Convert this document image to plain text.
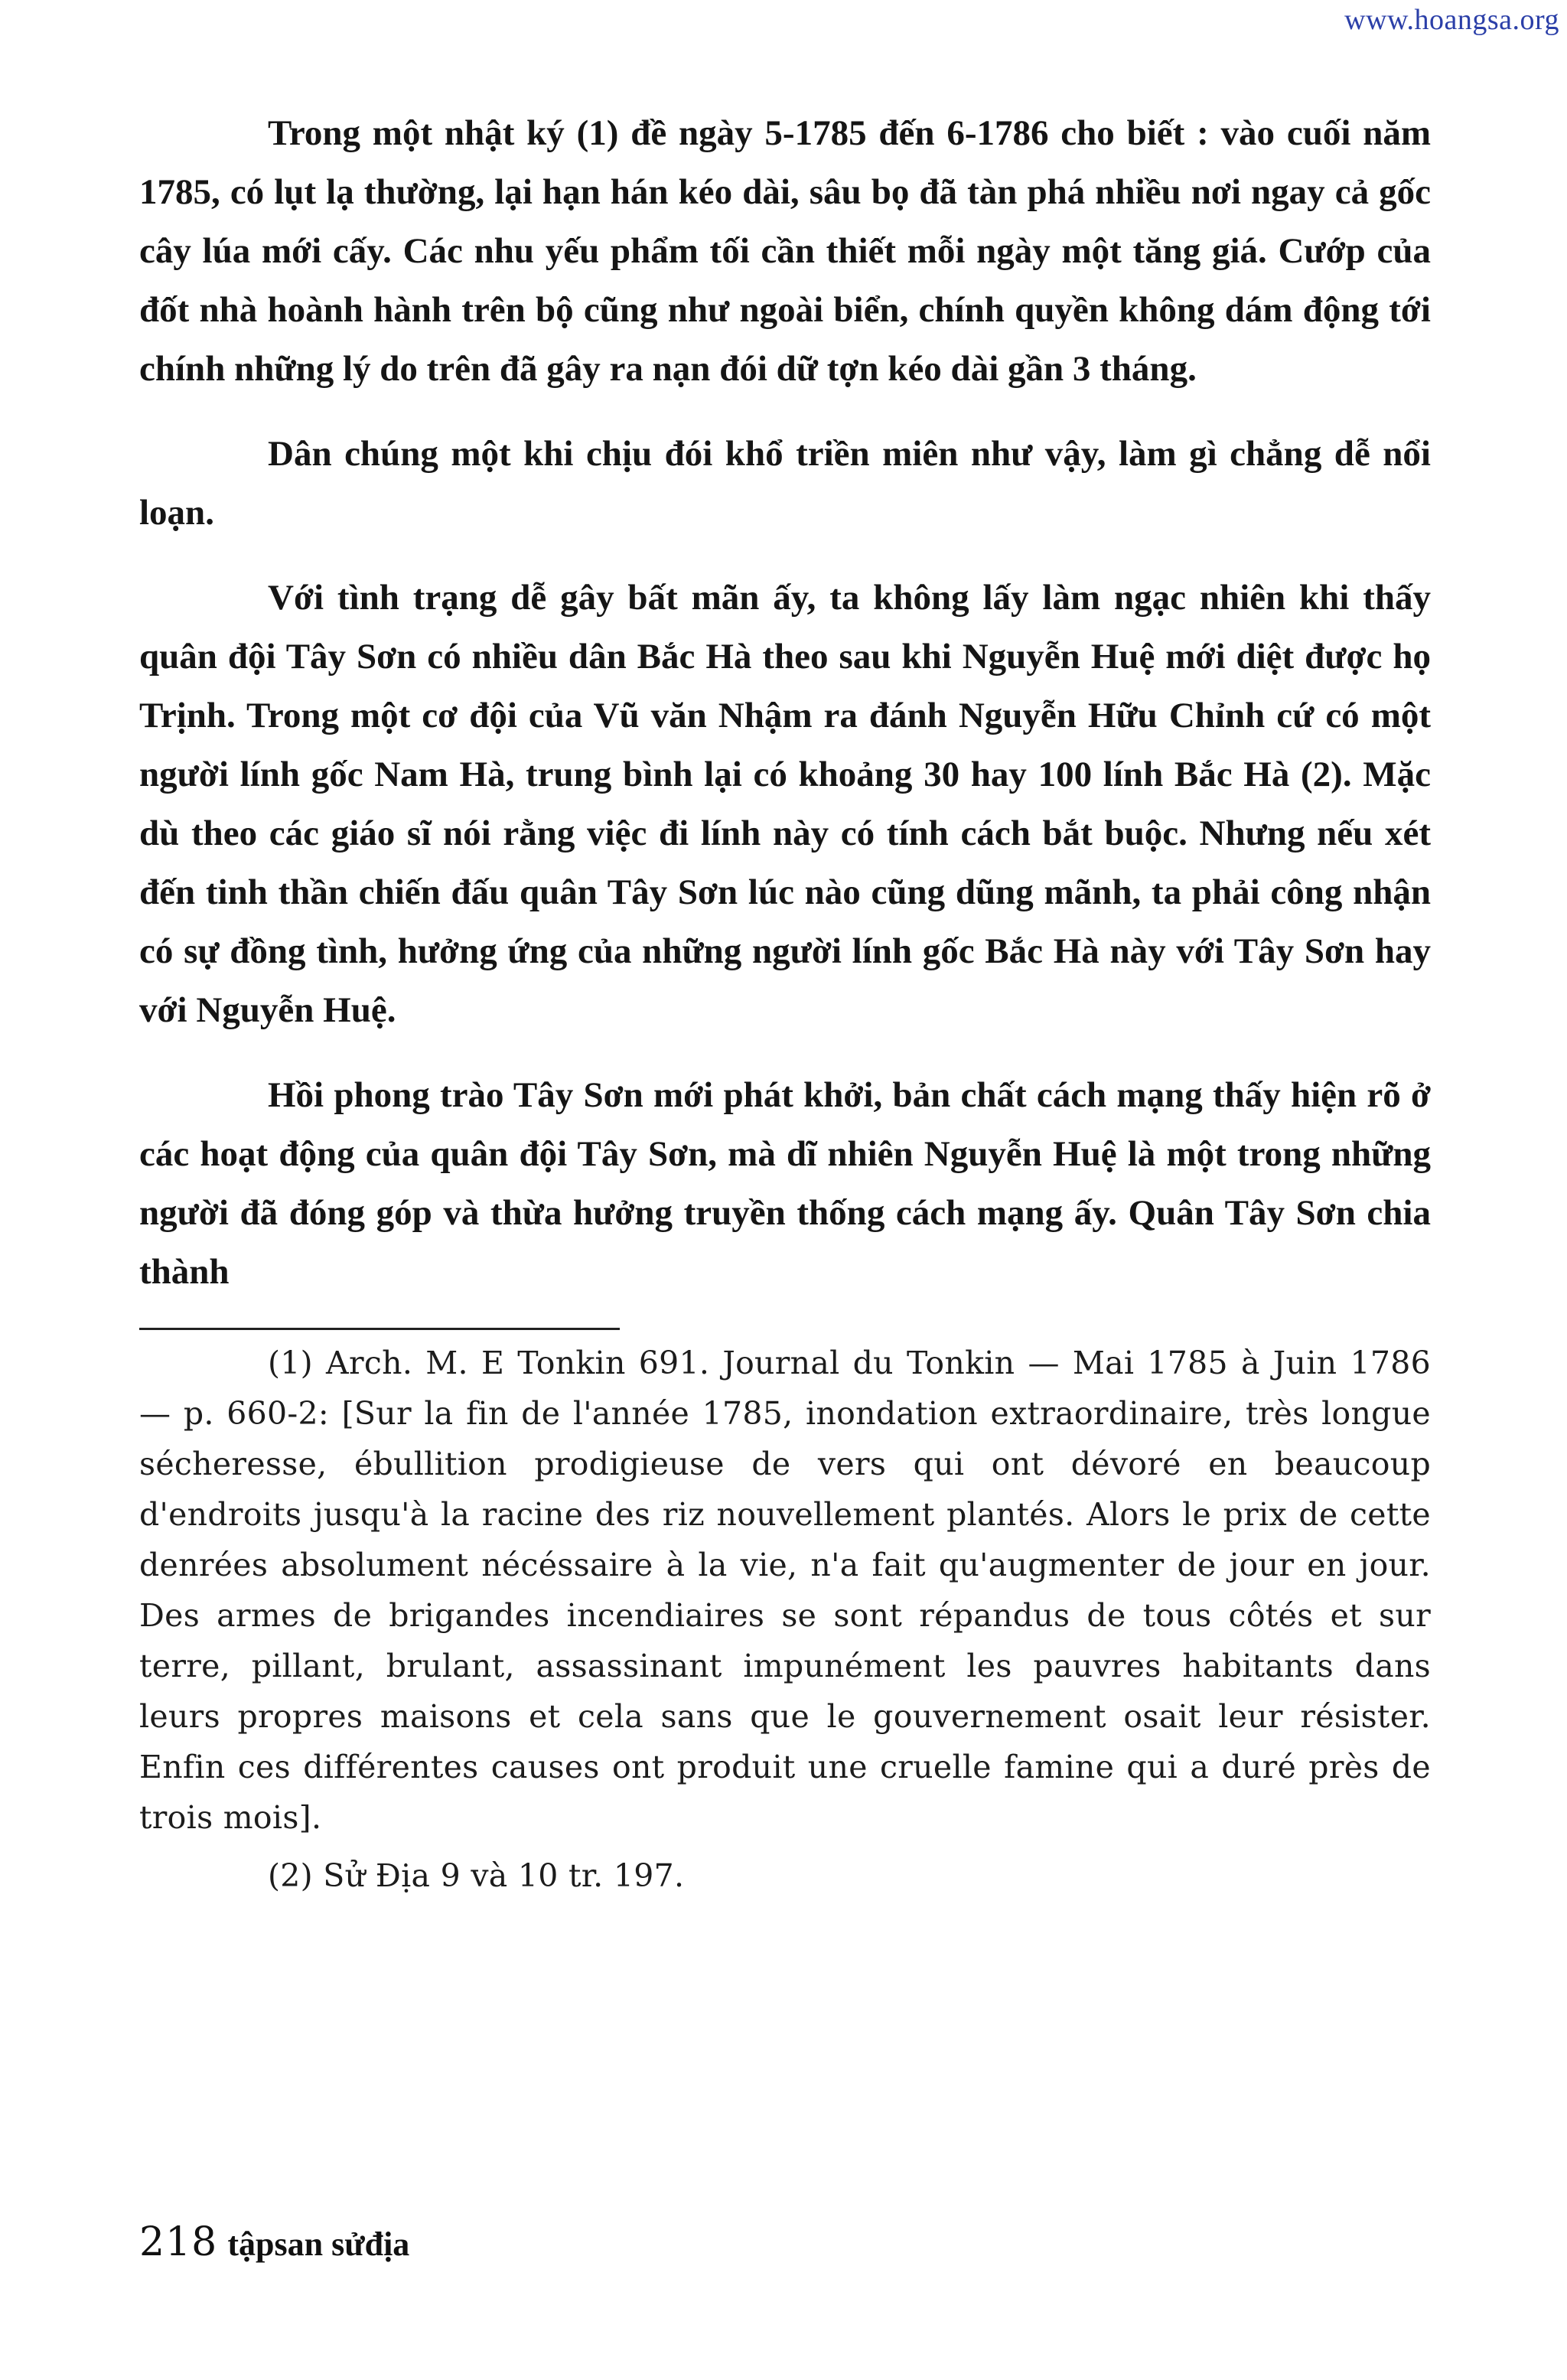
www.hoangsa.org

Trong một nhật ký (1) đề ngày 5-1785 đến 6-1786 cho biết : vào cuối năm 1785, có lụt lạ thường, lại hạn hán kéo dài, sâu bọ đã tàn phá nhiều nơi ngay cả gốc cây lúa mới cấy. Các nhu yếu phẩm tối cần thiết mỗi ngày một tăng giá. Cướp của đốt nhà hoành hành trên bộ cũng như ngoài biển, chính quyền không dám động tới chính những lý do trên đã gây ra nạn đói dữ tợn kéo dài gần 3 tháng.

Dân chúng một khi chịu đói khổ triền miên như vậy, làm gì chẳng dễ nổi loạn.

Với tình trạng dễ gây bất mãn ấy, ta không lấy làm ngạc nhiên khi thấy quân đội Tây Sơn có nhiều dân Bắc Hà theo sau khi Nguyễn Huệ mới diệt được họ Trịnh. Trong một cơ đội của Vũ văn Nhậm ra đánh Nguyễn Hữu Chỉnh cứ có một người lính gốc Nam Hà, trung bình lại có khoảng 30 hay 100 lính Bắc Hà (2). Mặc dù theo các giáo sĩ nói rằng việc đi lính này có tính cách bắt buộc. Nhưng nếu xét đến tinh thần chiến đấu quân Tây Sơn lúc nào cũng dũng mãnh, ta phải công nhận có sự đồng tình, hưởng ứng của những người lính gốc Bắc Hà này với Tây Sơn hay với Nguyễn Huệ.

Hồi phong trào Tây Sơn mới phát khởi, bản chất cách mạng thấy hiện rõ ở các hoạt động của quân đội Tây Sơn, mà dĩ nhiên Nguyễn Huệ là một trong những người đã đóng góp và thừa hưởng truyền thống cách mạng ấy. Quân Tây Sơn chia thành

(1) Arch. M. E Tonkin 691. Journal du Tonkin — Mai 1785 à Juin 1786 — p. 660-2: [Sur la fin de l'année 1785, inondation extraordinaire, très longue sécheresse, ébullition prodigieuse de vers qui ont dévoré en beaucoup d'endroits jusqu'à la racine des riz nouvellement plantés. Alors le prix de cette denrées absolument nécéssaire à la vie, n'a fait qu'augmenter de jour en jour. Des armes de brigandes incendiaires se sont répandus de tous côtés et sur terre, pillant, brulant, assassinant impunément les pauvres habitants dans leurs propres maisons et cela sans que le gouvernement osait leur résister. Enfin ces différentes causes ont produit une cruelle famine qui a duré près de trois mois].

(2) Sử Địa 9 và 10 tr. 197.

218 tậpsan sửđịa
